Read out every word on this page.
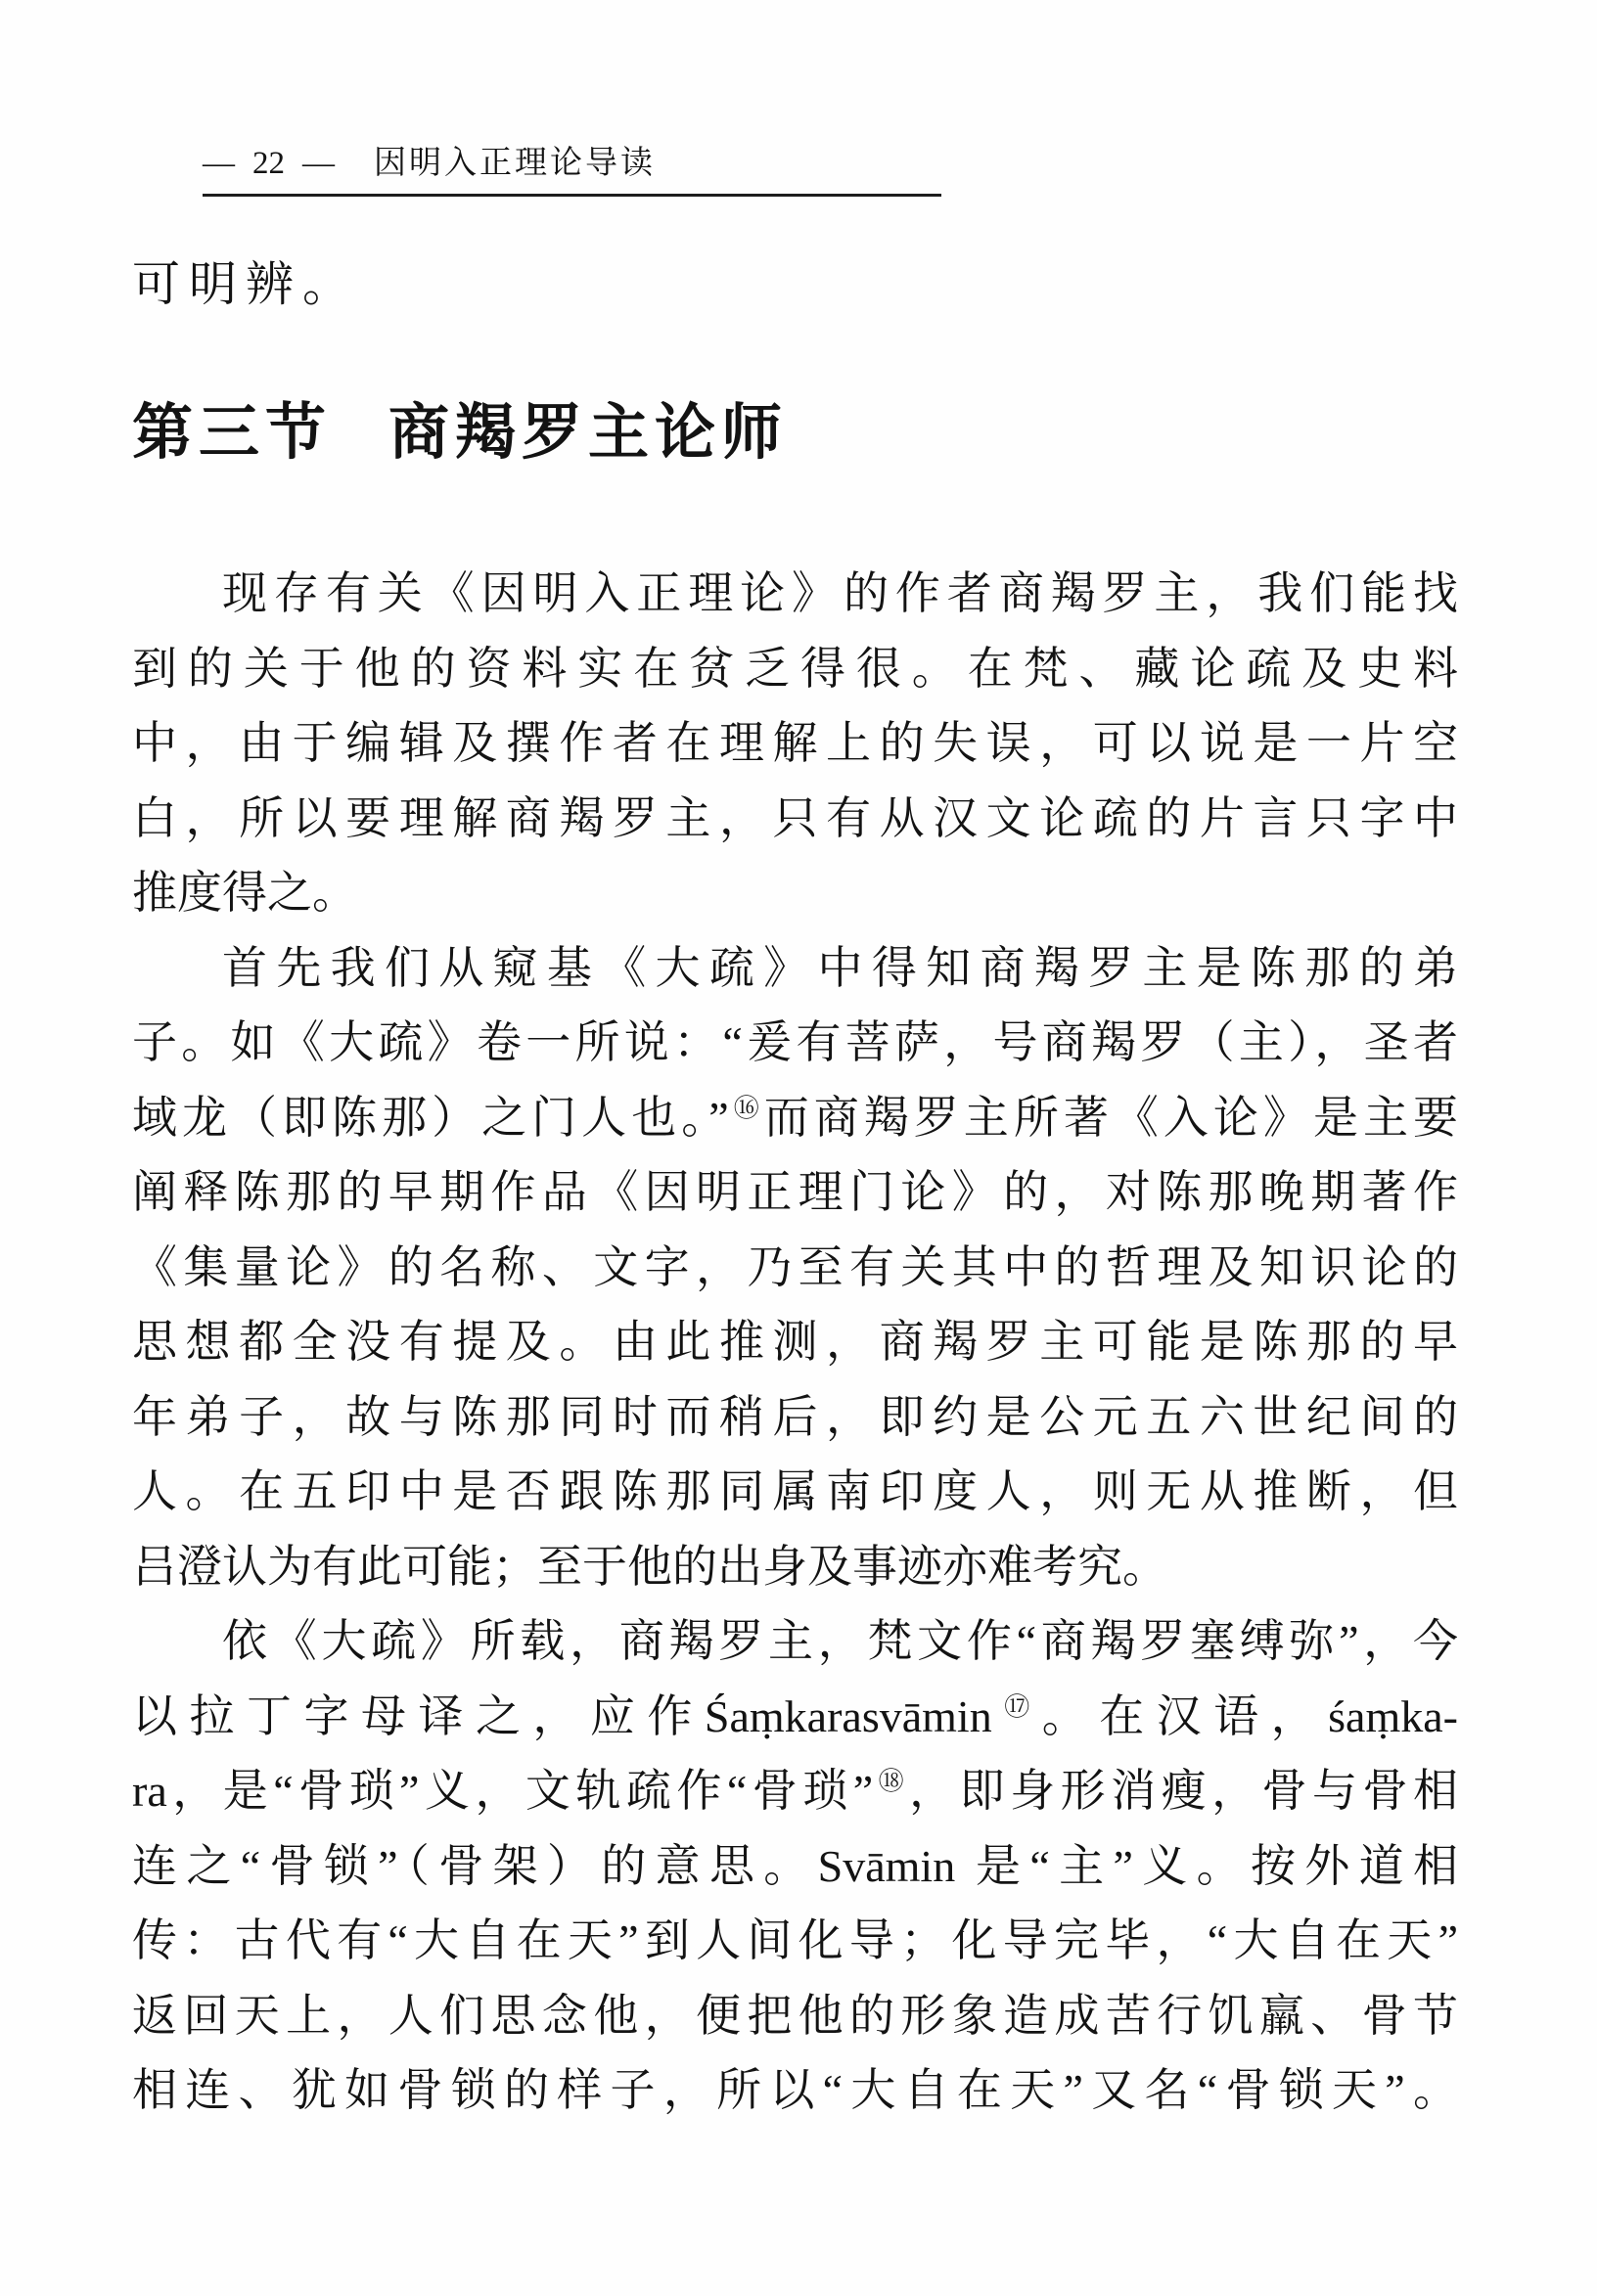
— 22 — 因明入正理论导读
可明辨。
第三节 商羯罗主论师
现存有关《因明入正理论》的作者商羯罗主，我们能找
到的关于他的资料实在贫乏得很。在梵、藏论疏及史料
中，由于编辑及撰作者在理解上的失误，可以说是一片空
白，所以要理解商羯罗主，只有从汉文论疏的片言只字中
推度得之。
首先我们从窥基《大疏》中得知商羯罗主是陈那的弟
子。如《大疏》卷一所说：“爰有菩萨，号商羯罗（主），圣者
域龙（即陈那）之门人也。”⑯而商羯罗主所著《入论》是主要
阐释陈那的早期作品《因明正理门论》的，对陈那晚期著作
《集量论》的名称、文字，乃至有关其中的哲理及知识论的
思想都全没有提及。由此推测，商羯罗主可能是陈那的早
年弟子，故与陈那同时而稍后，即约是公元五六世纪间的
人。在五印中是否跟陈那同属南印度人，则无从推断，但
吕澄认为有此可能；至于他的出身及事迹亦难考究。
依《大疏》所载，商羯罗主，梵文作“商羯罗塞缚弥”，今
以拉丁字母译之，应作Śaṃkarasvāmin⑰。在汉语，śaṃka-
ra，是“骨琐”义，文轨疏作“骨琐”⑱，即身形消瘦，骨与骨相
连之“骨锁”（骨架）的意思。Svāmin 是“主”义。按外道相
传：古代有“大自在天”到人间化导；化导完毕，“大自在天”
返回天上，人们思念他，便把他的形象造成苦行饥羸、骨节
相连、犹如骨锁的样子，所以“大自在天”又名“骨锁天”。
